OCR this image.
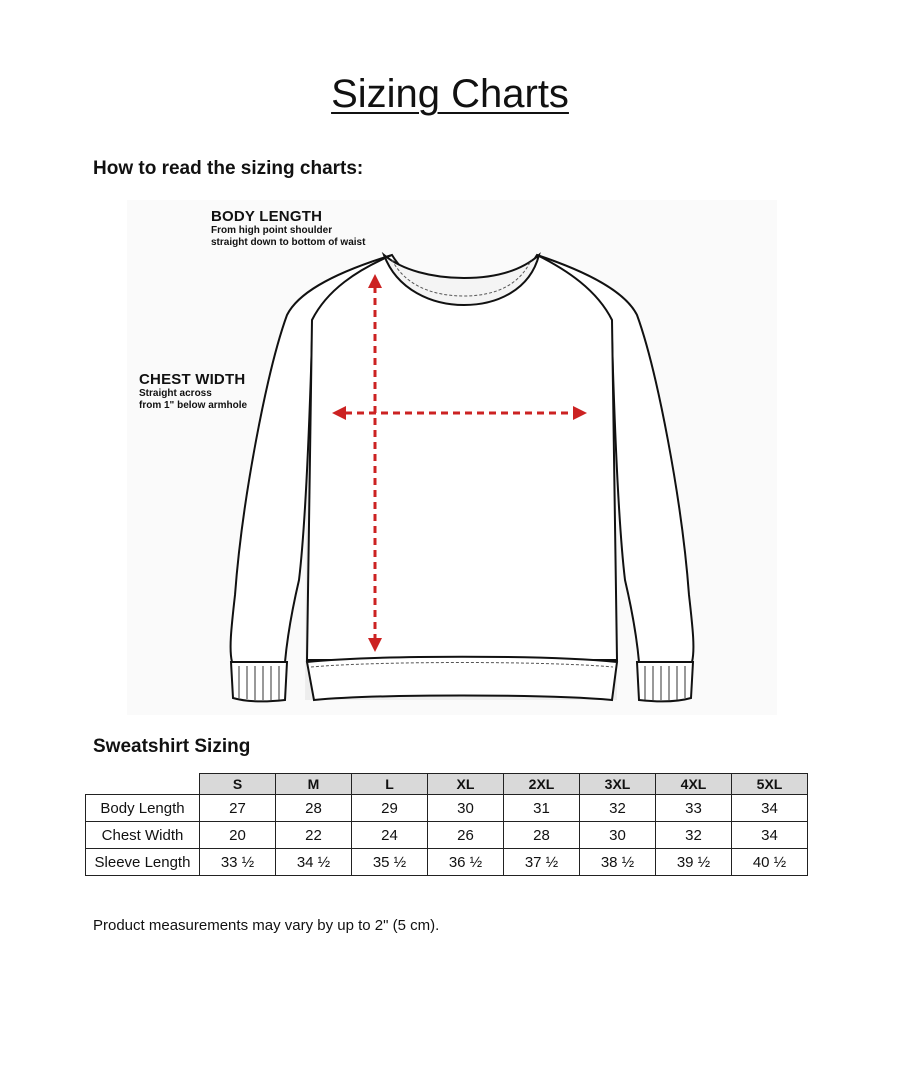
Sizing Charts
How to read the sizing charts:
BODY LENGTH
From high point shoulder
straight down to bottom of waist
CHEST WIDTH
Straight across
from 1" below armhole
Sweatshirt Sizing
	S	M	L	XL	2XL	3XL	4XL	5XL
Body Length	27	28	29	30	31	32	33	34
Chest Width	20	22	24	26	28	30	32	34
Sleeve Length	33 ½	34 ½	35 ½	36 ½	37 ½	38 ½	39 ½	40 ½
Product measurements may vary by up to 2" (5 cm).
